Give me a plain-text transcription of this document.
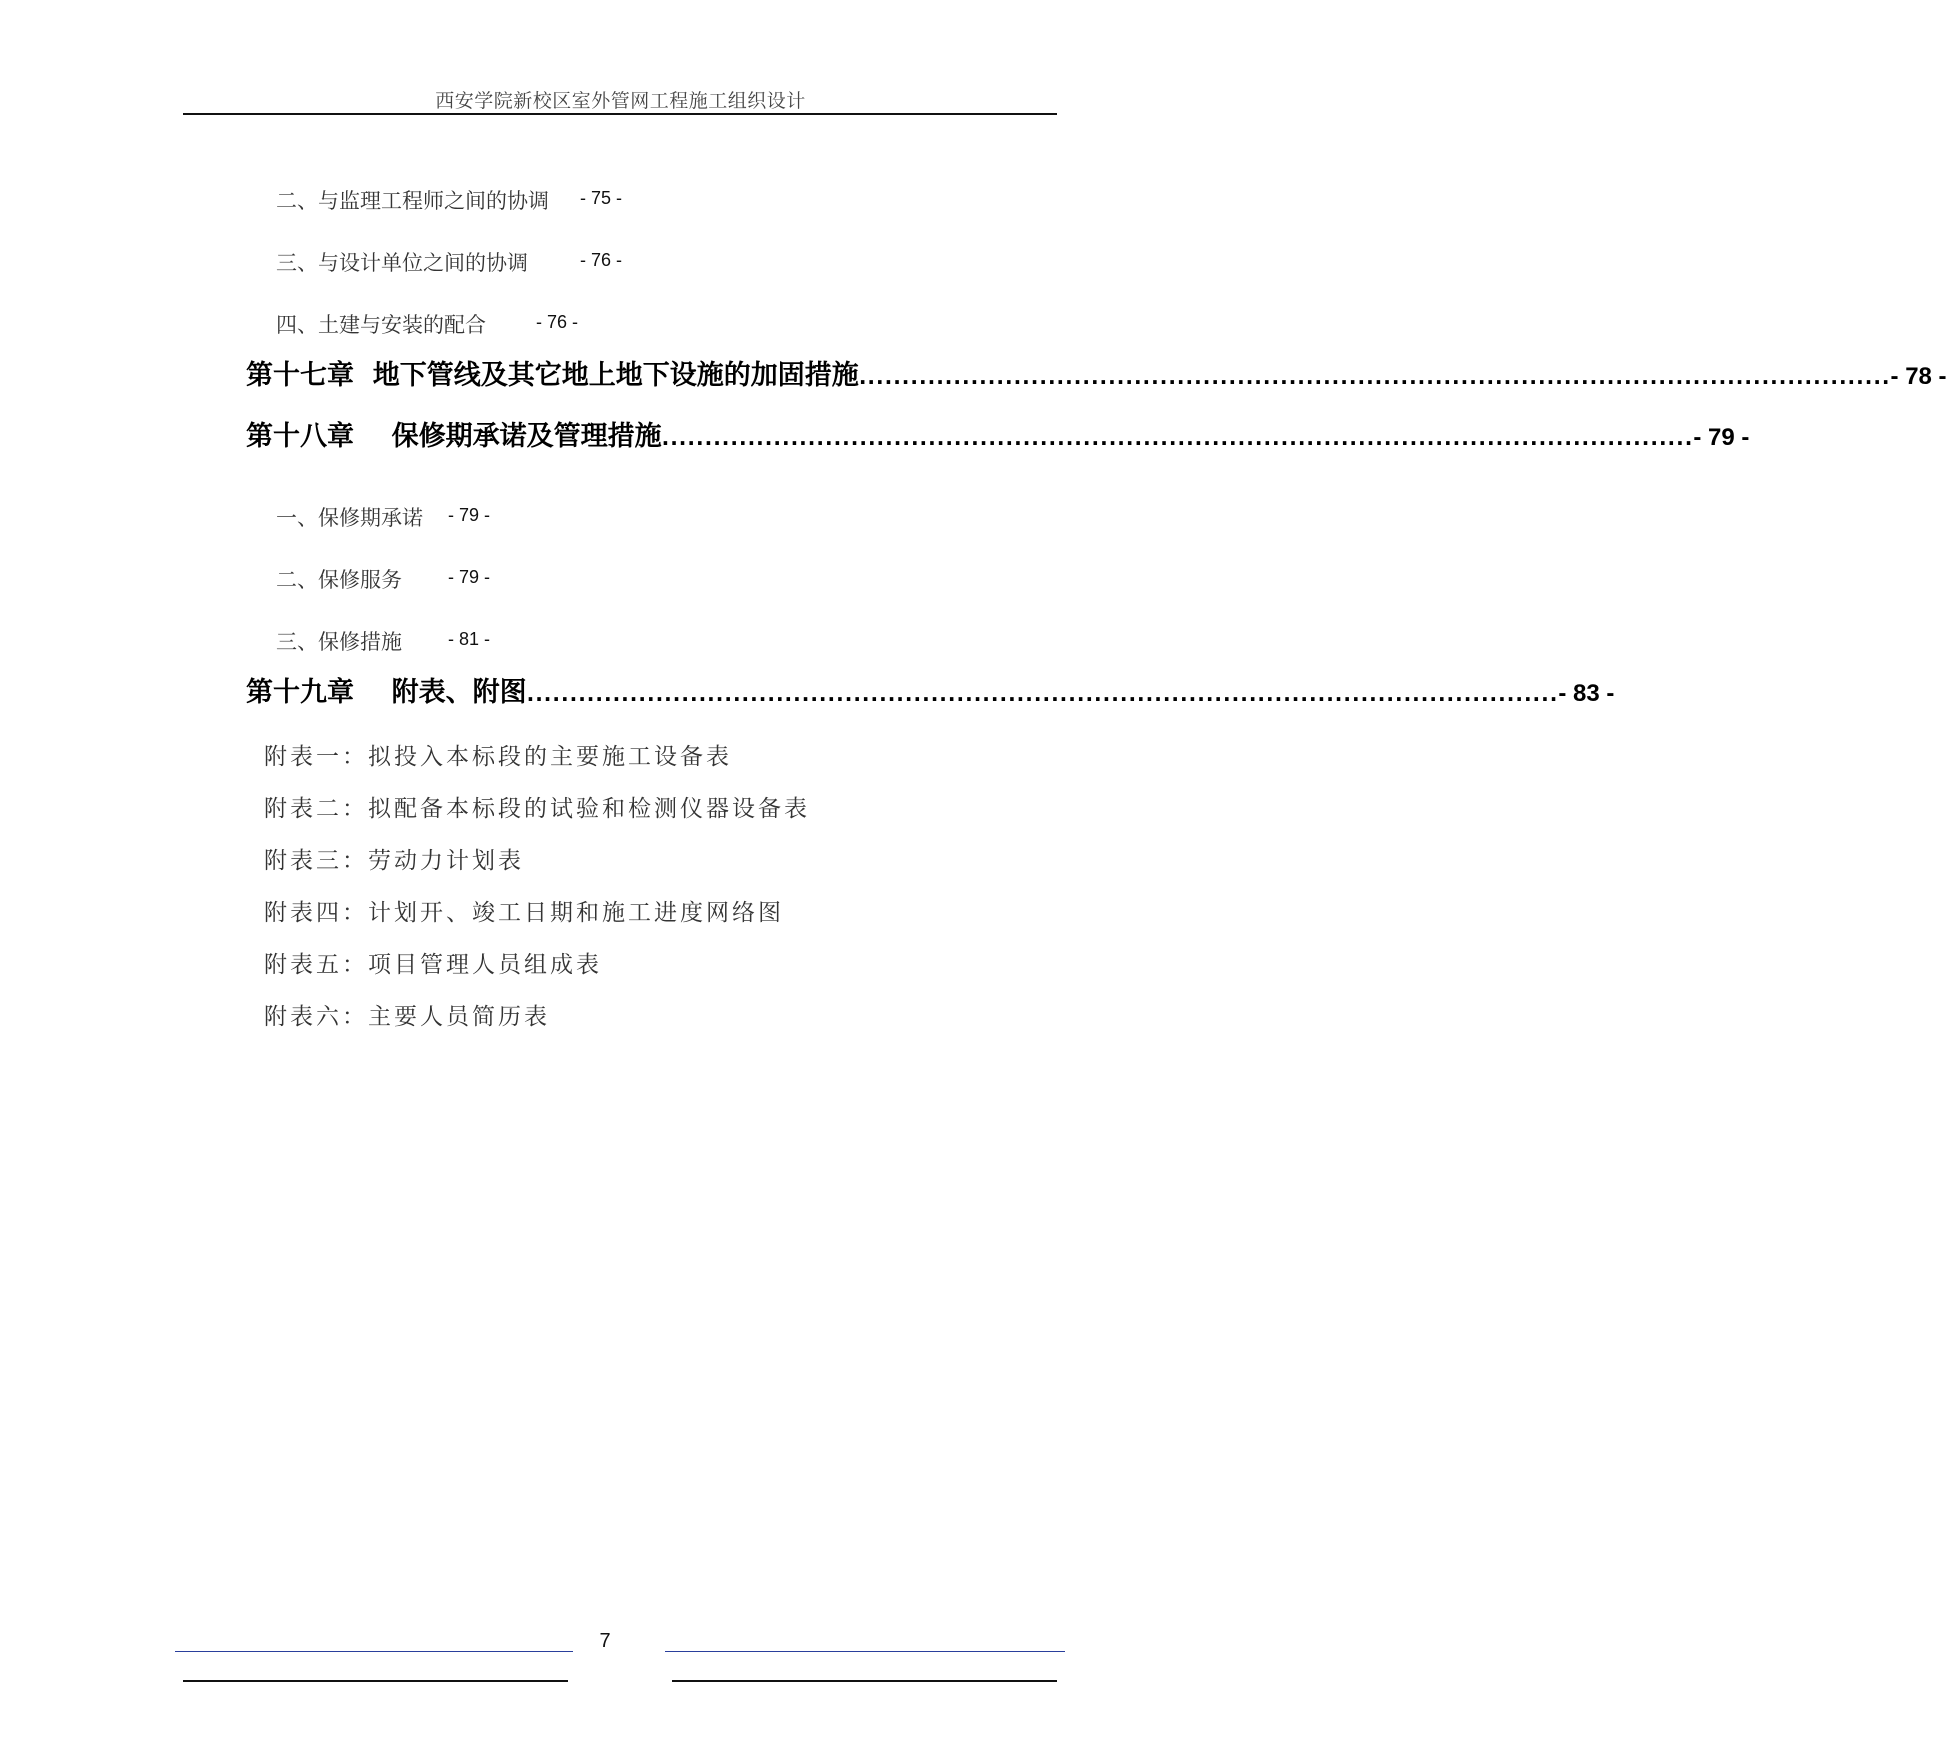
西安学院新校区室外管网工程施工组织设计
二、与监理工程师之间的协调 - 75 -
三、与设计单位之间的协调	- 76 -
四、土建与安装的配合	- 76 -
第十七章  地下管线及其它地上地下设施的加固措施 ........................................................................................................................ - 78 -
第十八章    保修期承诺及管理措施 ........................................................................................................................ - 79 -
一、保修期承诺 - 79 -
二、保修服务	- 79 -
三、保修措施	- 81 -
第十九章    附表、附图 ........................................................................................................................ - 83 -
附表一：拟投入本标段的主要施工设备表
附表二：拟配备本标段的试验和检测仪器设备表
附表三：劳动力计划表
附表四：计划开、竣工日期和施工进度网络图
附表五：项目管理人员组成表
附表六：主要人员简历表
7
